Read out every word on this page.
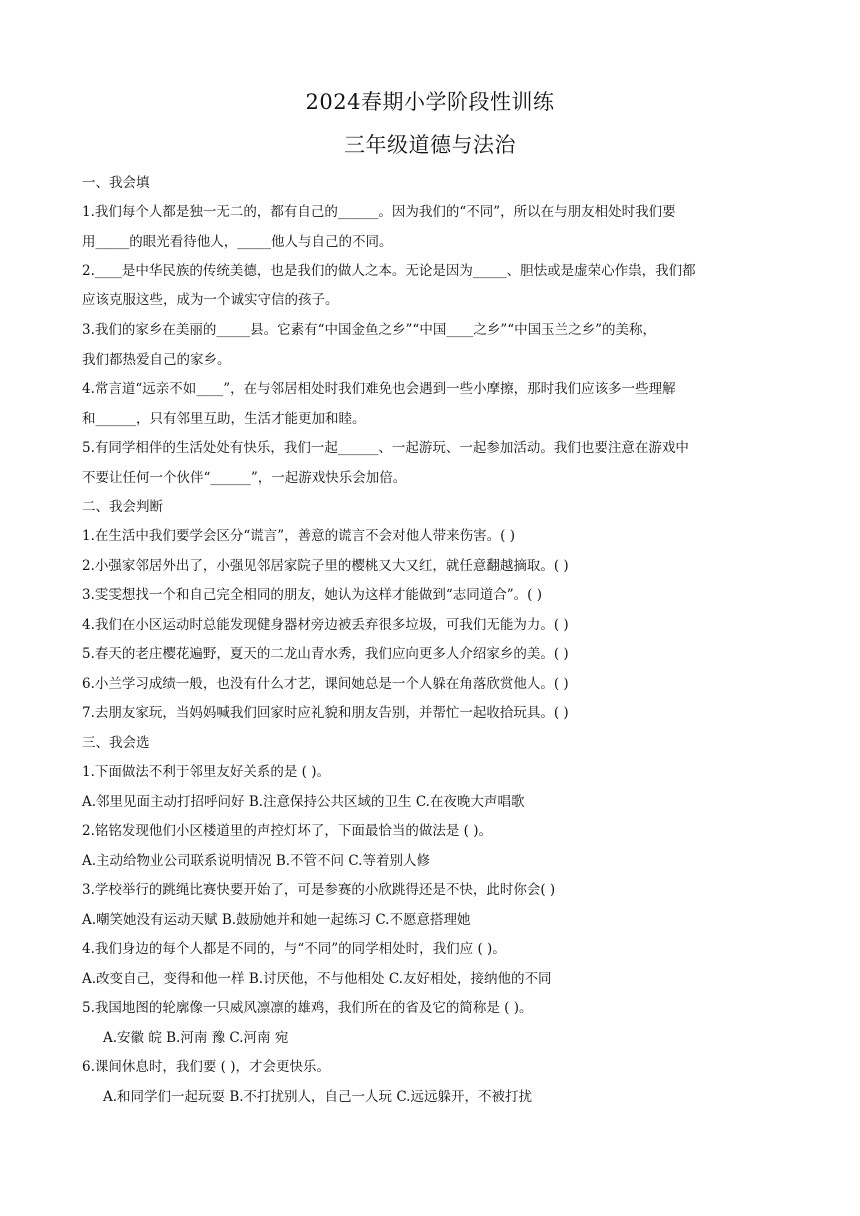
2024春期小学阶段性训练
三年级道德与法治
一、我会填
1.我们每个人都是独一无二的，都有自己的______。因为我们的“不同”，所以在与朋友相处时我们要
用_____的眼光看待他人，_____他人与自己的不同。
2.____是中华民族的传统美德，也是我们的做人之本。无论是因为_____、胆怯或是虚荣心作祟，我们都
应该克服这些，成为一个诚实守信的孩子。
3.我们的家乡在美丽的_____县。它素有“中国金鱼之乡”“中国____之乡”“中国玉兰之乡”的美称，
我们都热爱自己的家乡。
4.常言道“远亲不如____”，在与邻居相处时我们难免也会遇到一些小摩擦，那时我们应该多一些理解
和______，只有邻里互助，生活才能更加和睦。
5.有同学相伴的生活处处有快乐，我们一起______、一起游玩、一起参加活动。我们也要注意在游戏中
不要让任何一个伙伴“______”，一起游戏快乐会加倍。
二、我会判断
1.在生活中我们要学会区分“谎言”，善意的谎言不会对他人带来伤害。( )
2.小强家邻居外出了，小强见邻居家院子里的樱桃又大又红，就任意翻越摘取。( )
3.雯雯想找一个和自己完全相同的朋友，她认为这样才能做到“志同道合”。( )
4.我们在小区运动时总能发现健身器材旁边被丢弃很多垃圾，可我们无能为力。( )
5.春天的老庄樱花遍野，夏天的二龙山青水秀，我们应向更多人介绍家乡的美。( )
6.小兰学习成绩一般，也没有什么才艺，课间她总是一个人躲在角落欣赏他人。( )
7.去朋友家玩，当妈妈喊我们回家时应礼貌和朋友告别，并帮忙一起收拾玩具。( )
三、我会选
1.下面做法不利于邻里友好关系的是 ( )。
A.邻里见面主动打招呼问好 B.注意保持公共区域的卫生 C.在夜晚大声唱歌
2.铭铭发现他们小区楼道里的声控灯坏了，下面最恰当的做法是 ( )。
A.主动给物业公司联系说明情况 B.不管不问 C.等着别人修
3.学校举行的跳绳比赛快要开始了，可是参赛的小欣跳得还是不快，此时你会( )
A.嘲笑她没有运动天赋 B.鼓励她并和她一起练习 C.不愿意搭理她
4.我们身边的每个人都是不同的，与“不同”的同学相处时，我们应 ( )。
A.改变自己，变得和他一样 B.讨厌他，不与他相处 C.友好相处，接纳他的不同
5.我国地图的轮廓像一只威风凛凛的雄鸡，我们所在的省及它的简称是 ( )。
A.安徽 皖 B.河南 豫 C.河南 宛
6.课间休息时，我们要 ( )，才会更快乐。
A.和同学们一起玩耍 B.不打扰别人，自己一人玩 C.远远躲开，不被打扰
